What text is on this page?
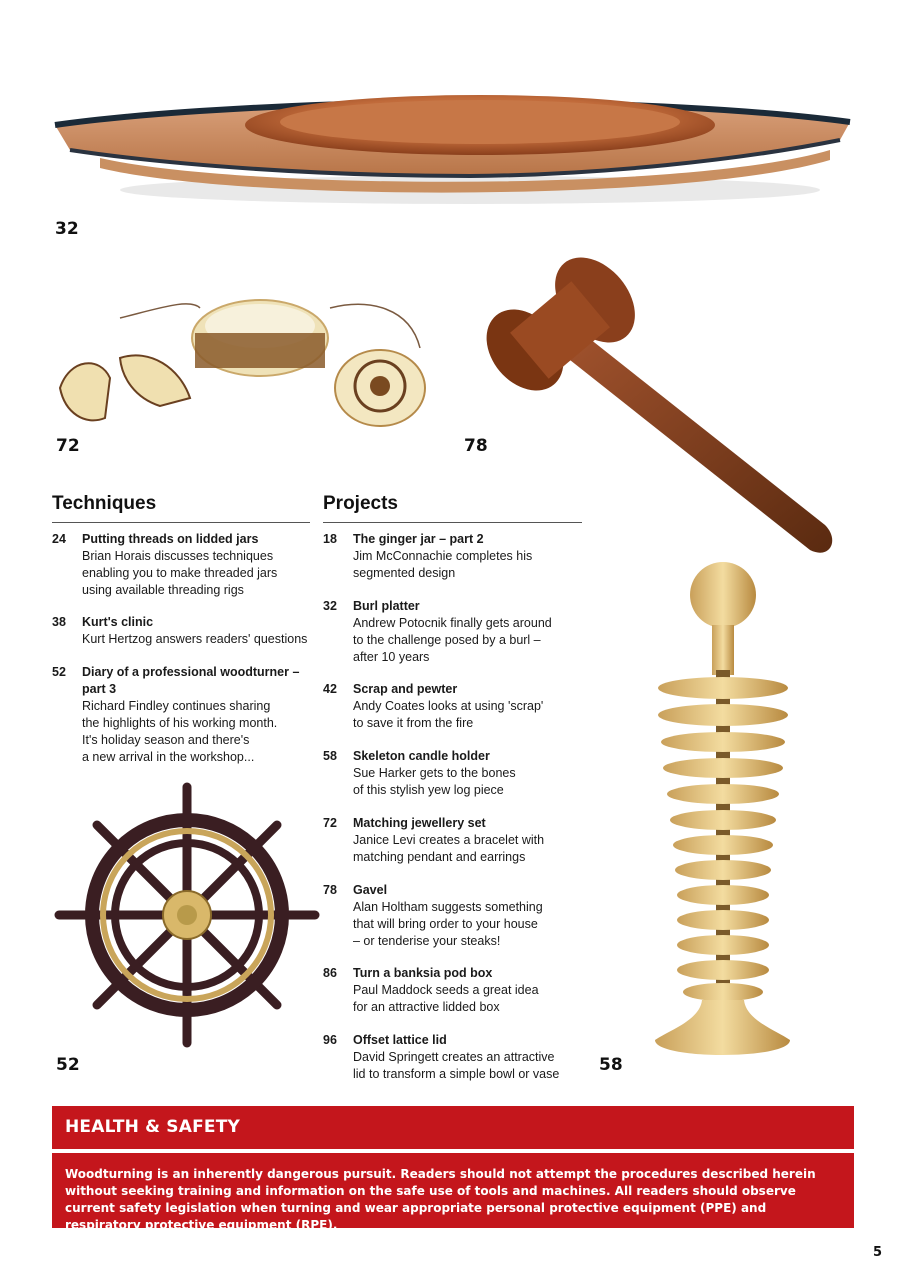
32
72	78
Techniques
24	Putting threads on lidded jars
Brian Horais discusses techniques
enabling you to make threaded jars
using available threading rigs
38	Kurt's clinic
Kurt Hertzog answers readers' questions
52	Diary of a professional woodturner –
part 3
Richard Findley continues sharing
the highlights of his working month.
It's holiday season and there's
a new arrival in the workshop...
52
Projects
18	The ginger jar – part 2
Jim McConnachie completes his
segmented design
32	Burl platter
Andrew Potocnik finally gets around
to the challenge posed by a burl –
after 10 years
42	Scrap and pewter
Andy Coates looks at using 'scrap'
to save it from the fire
58	Skeleton candle holder
Sue Harker gets to the bones
of this stylish yew log piece
72	Matching jewellery set
Janice Levi creates a bracelet with
matching pendant and earrings
78	Gavel
Alan Holtham suggests something
that will bring order to your house
– or tenderise your steaks!
86	Turn a banksia pod box
Paul Maddock seeds a great idea
for an attractive lidded box
96	Offset lattice lid
David Springett creates an attractive
lid to transform a simple bowl or vase 58
HEALTH & SAFETY

Woodturning is an inherently dangerous pursuit. Readers should not attempt the procedures described herein without seeking training and information on the safe use of tools and machines. All readers should observe current safety legislation when turning and wear appropriate personal protective equipment (PPE) and respiratory protective equipment (RPE).

5
